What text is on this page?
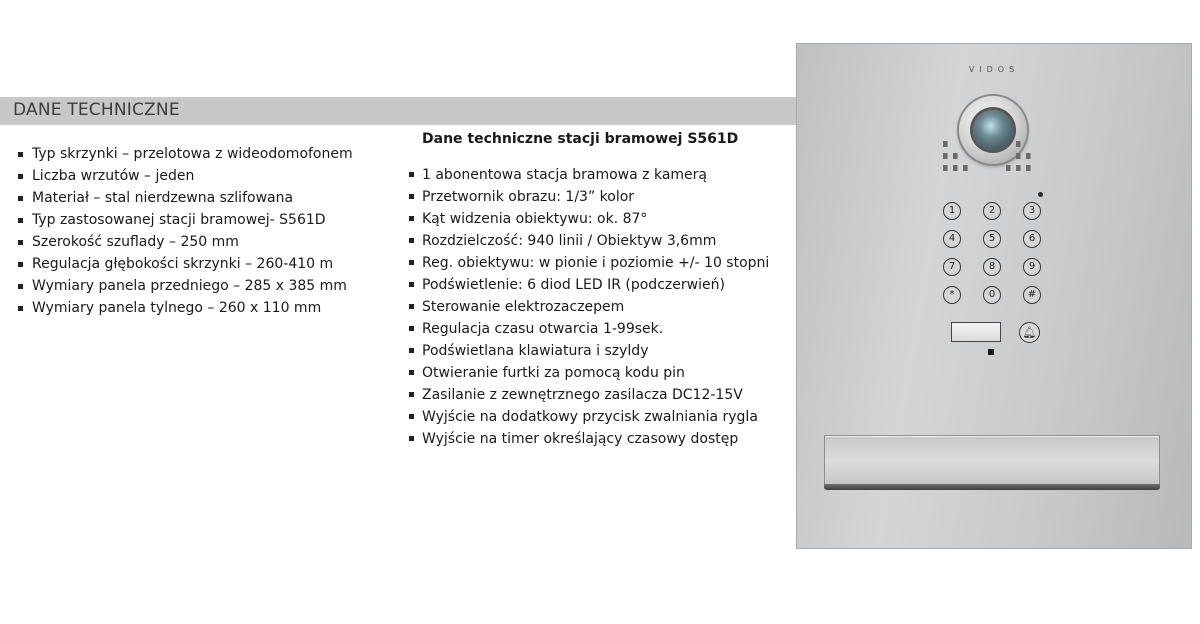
DANE TECHNICZNE
Typ skrzynki – przelotowa z wideodomofonem
Liczba wrzutów – jeden
Materiał – stal nierdzewna szlifowana
Typ zastosowanej stacji bramowej- S561D
Szerokość szuflady – 250 mm
Regulacja głębokości skrzynki – 260-410 m
Wymiary panela przedniego – 285 x 385 mm
Wymiary panela tylnego – 260 x 110 mm
Dane techniczne stacji bramowej S561D
1 abonentowa stacja bramowa z kamerą
Przetwornik obrazu: 1/3” kolor
Kąt widzenia obiektywu: ok. 87°
Rozdzielczość: 940 linii / Obiektyw 3,6mm
Reg. obiektywu: w pionie i poziomie +/- 10 stopni
Podświetlenie: 6 diod LED IR (podczerwień)
Sterowanie elektrozaczepem
Regulacja czasu otwarcia 1-99sek.
Podświetlana klawiatura i szyldy
Otwieranie furtki za pomocą kodu pin
Zasilanie z zewnętrznego zasilacza DC12-15V
Wyjście na dodatkowy przycisk zwalniania rygla
Wyjście na timer określający czasowy dostęp
VIDOS
1	2	3
4	5	6
7	8	9
*	0	#
🔔︎
